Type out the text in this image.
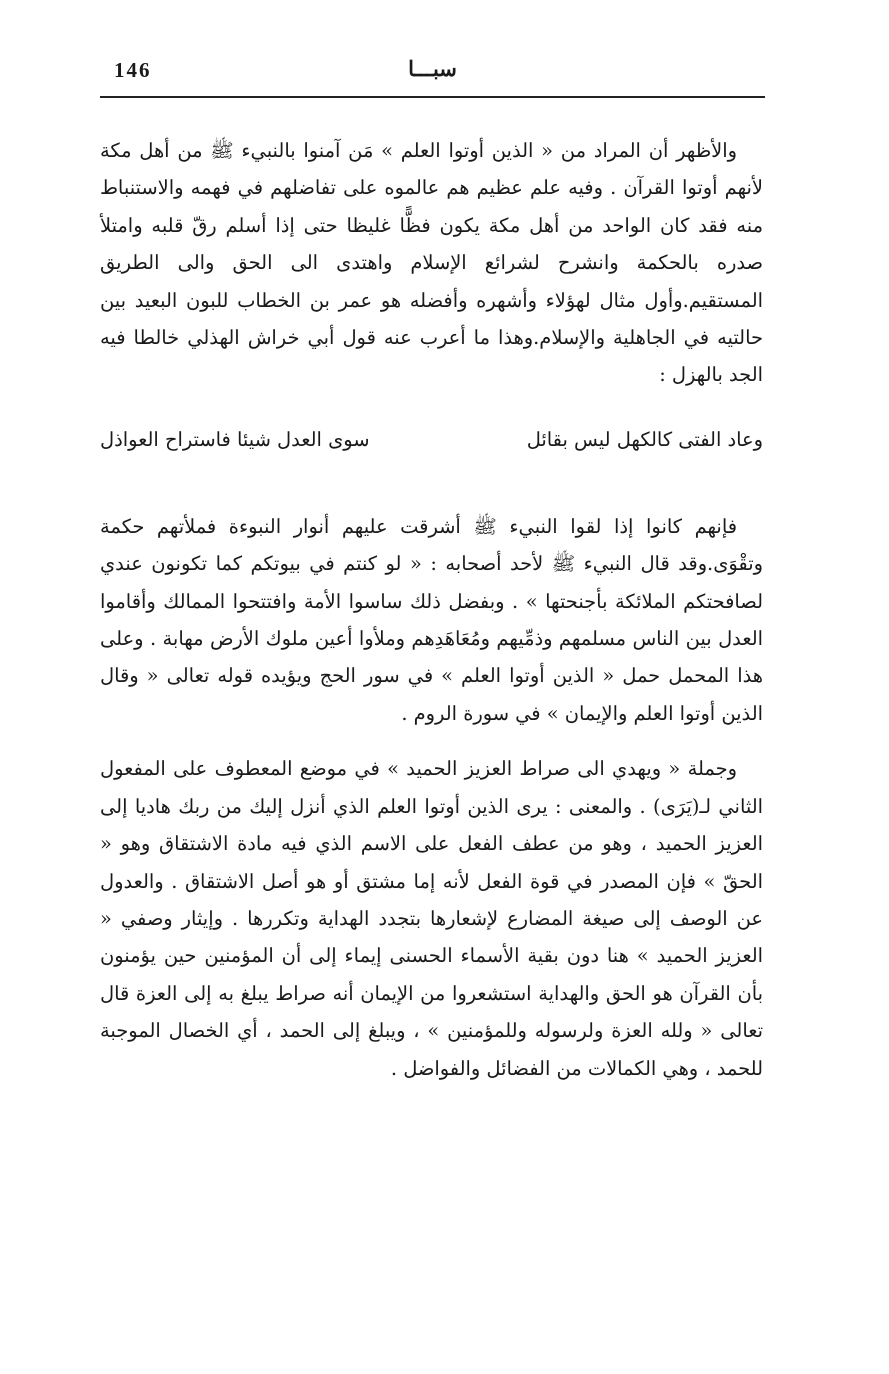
146	سبـــا

والأظهر أن المراد من « الذين أوتوا العلم » مَن آمنوا بالنبيء ﷺ من أهل مكة لأنهم أوتوا القرآن . وفيه علم عظيم هم عالموه على تفاضلهم في فهمه والاستنباط منه فقد كان الواحد من أهل مكة يكون فظًّا غليظا حتى إذا أسلم رقّ قلبه وامتلأ صدره بالحكمة وانشرح لشرائع الإسلام واهتدى الى الحق والى الطريق المستقيم.وأول مثال لهؤلاء وأشهره وأفضله هو عمر بن الخطاب للبون البعيد بين حالتيه في الجاهلية والإسلام.وهذا ما أعرب عنه قول أبي خراش الهذلي خالطا فيه الجد بالهزل :

وعاد الفتى كالكهل ليس بقائل
سوى العدل شيئا فاستراح العواذل

فإنهم كانوا إذا لقوا النبيء ﷺ أشرقت عليهم أنوار النبوءة فملأتهم حكمة وتقْوَى.وقد قال النبيء ﷺ لأحد أصحابه : « لو كنتم في بيوتكم كما تكونون عندي لصافحتكم الملائكة بأجنحتها » . وبفضل ذلك ساسوا الأمة وافتتحوا الممالك وأقاموا العدل بين الناس مسلمهم وذمِّيهم ومُعَاهَدِهم وملأوا أعين ملوك الأرض مهابة . وعلى هذا المحمل حمل « الذين أوتوا العلم » في سور الحج ويؤيده قوله تعالى « وقال الذين أوتوا العلم والإيمان » في سورة الروم .

وجملة « ويهدي الى صراط العزيز الحميد » في موضع المعطوف على المفعول الثاني لـ(يَرَى) . والمعنى : يرى الذين أوتوا العلم الذي أنزل إليك من ربك هاديا إلى العزيز الحميد ، وهو من عطف الفعل على الاسم الذي فيه مادة الاشتقاق وهو « الحقّ » فإن المصدر في قوة الفعل لأنه إما مشتق أو هو أصل الاشتقاق . والعدول عن الوصف إلى صيغة المضارع لإشعارها بتجدد الهداية وتكررها . وإيثار وصفي « العزيز الحميد » هنا دون بقية الأسماء الحسنى إيماء إلى أن المؤمنين حين يؤمنون بأن القرآن هو الحق والهداية استشعروا من الإيمان أنه صراط يبلغ به إلى العزة قال تعالى « ولله العزة ولرسوله وللمؤمنين » ، ويبلغ إلى الحمد ، أي الخصال الموجبة للحمد ، وهي الكمالات من الفضائل والفواضل .
